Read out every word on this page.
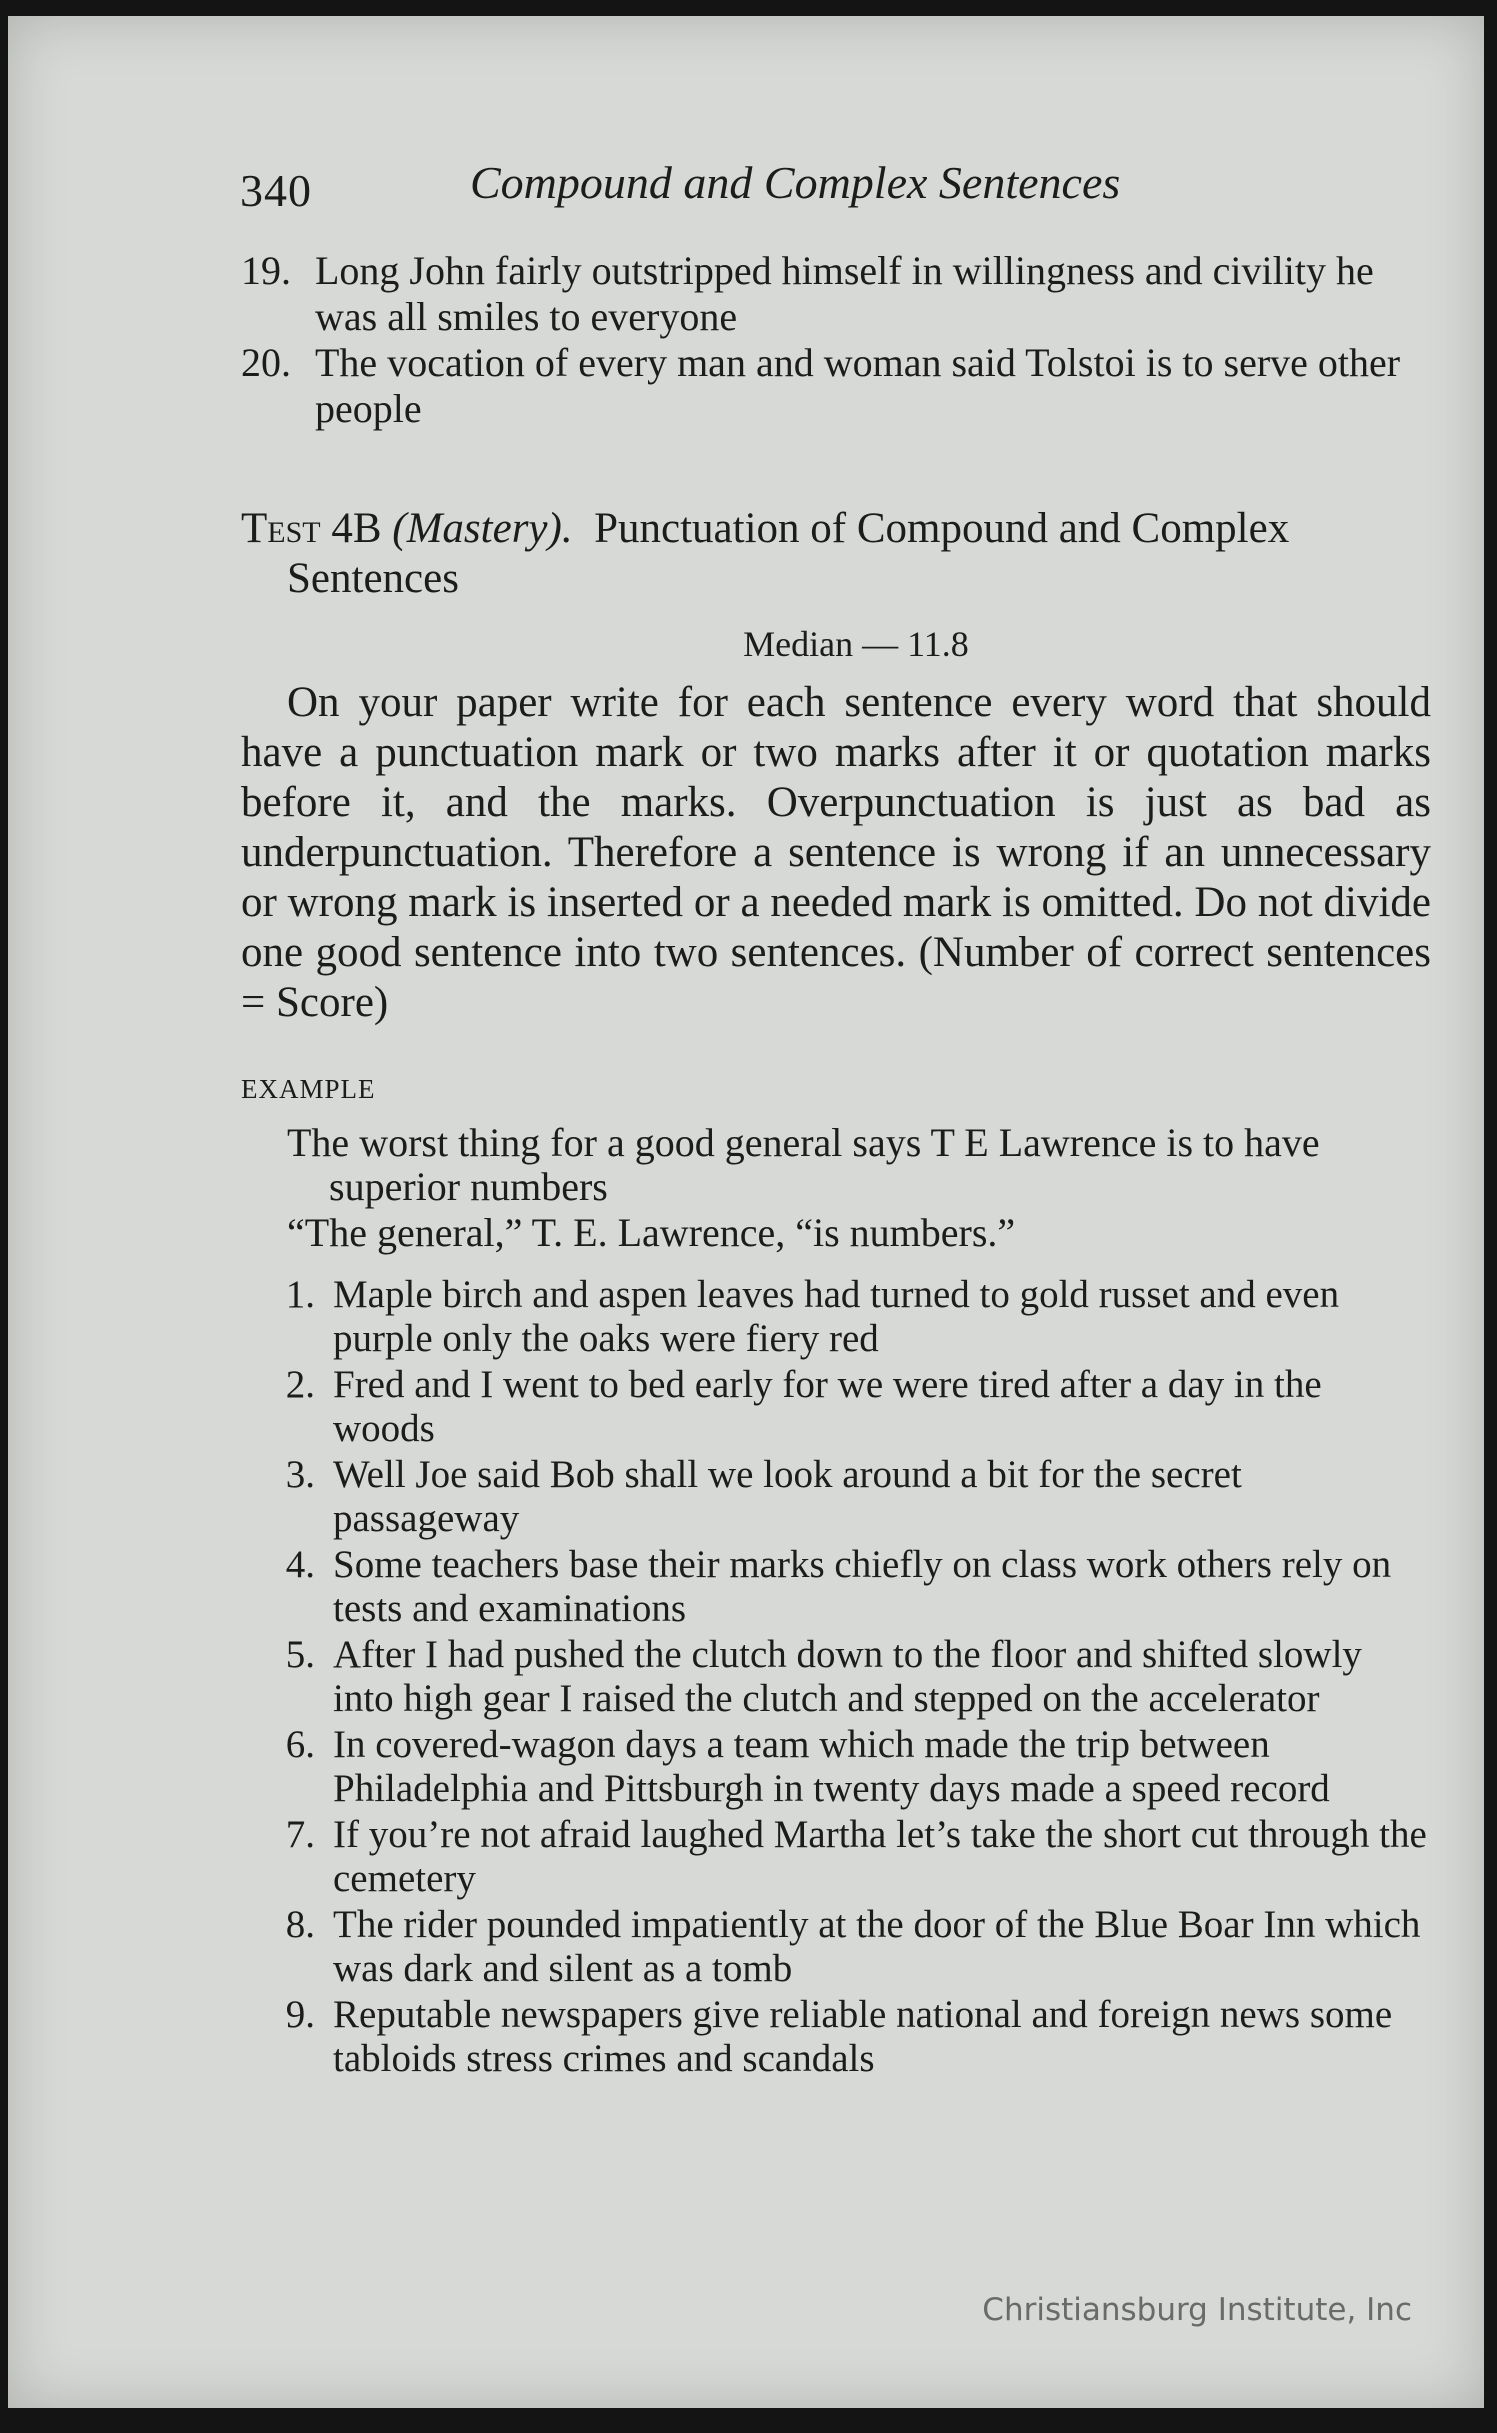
340	Compound and Complex Sentences
19. Long John fairly outstripped himself in willingness and civility he was all smiles to everyone
20. The vocation of every man and woman said Tolstoi is to serve other people
Test 4B (Mastery). Punctuation of Compound and Complex Sentences
Median — 11.8
On your paper write for each sentence every word that should have a punctuation mark or two marks after it or quotation marks before it, and the marks. Overpunctuation is just as bad as underpunctuation. Therefore a sentence is wrong if an unnecessary or wrong mark is inserted or a needed mark is omitted. Do not divide one good sentence into two sentences. (Number of correct sentences = Score)
EXAMPLE
The worst thing for a good general says T E Lawrence is to have superior numbers
“The general,” T. E. Lawrence, “is numbers.”
1. Maple birch and aspen leaves had turned to gold russet and even purple only the oaks were fiery red
2. Fred and I went to bed early for we were tired after a day in the woods
3. Well Joe said Bob shall we look around a bit for the secret passageway
4. Some teachers base their marks chiefly on class work others rely on tests and examinations
5. After I had pushed the clutch down to the floor and shifted slowly into high gear I raised the clutch and stepped on the accelerator
6. In covered-wagon days a team which made the trip between Philadelphia and Pittsburgh in twenty days made a speed record
7. If you’re not afraid laughed Martha let’s take the short cut through the cemetery
8. The rider pounded impatiently at the door of the Blue Boar Inn which was dark and silent as a tomb
9. Reputable newspapers give reliable national and foreign news some tabloids stress crimes and scandals
Christiansburg Institute, Inc
